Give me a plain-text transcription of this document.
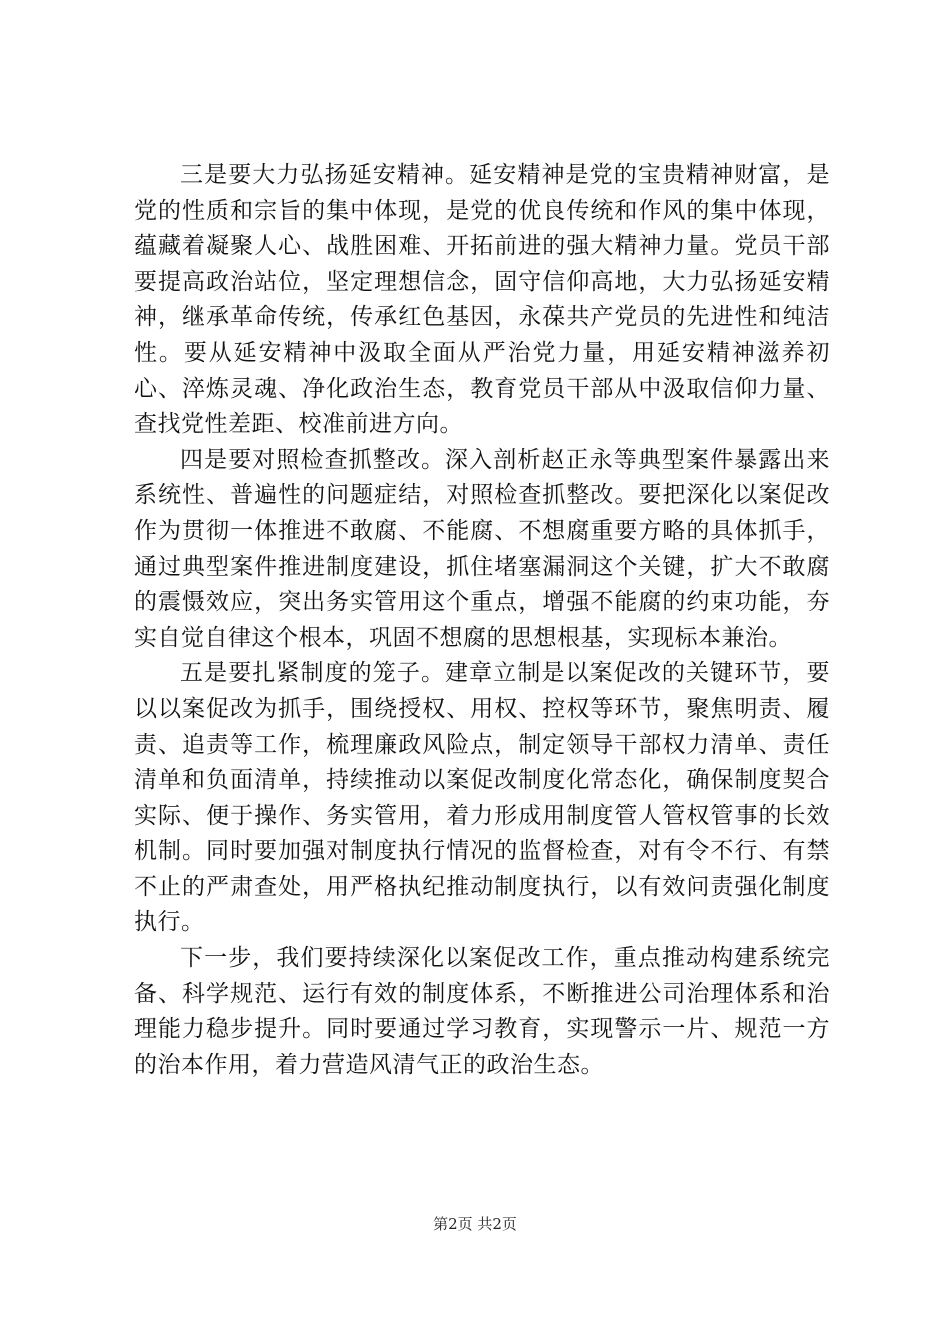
三是要大力弘扬延安精神。延安精神是党的宝贵精神财富，是党的性质和宗旨的集中体现，是党的优良传统和作风的集中体现，蕴藏着凝聚人心、战胜困难、开拓前进的强大精神力量。党员干部要提高政治站位，坚定理想信念，固守信仰高地，大力弘扬延安精神，继承革命传统，传承红色基因，永葆共产党员的先进性和纯洁性。要从延安精神中汲取全面从严治党力量，用延安精神滋养初心、淬炼灵魂、净化政治生态，教育党员干部从中汲取信仰力量、查找党性差距、校准前进方向。

四是要对照检查抓整改。深入剖析赵正永等典型案件暴露出来系统性、普遍性的问题症结，对照检查抓整改。要把深化以案促改作为贯彻一体推进不敢腐、不能腐、不想腐重要方略的具体抓手，通过典型案件推进制度建设，抓住堵塞漏洞这个关键，扩大不敢腐的震慑效应，突出务实管用这个重点，增强不能腐的约束功能，夯实自觉自律这个根本，巩固不想腐的思想根基，实现标本兼治。

五是要扎紧制度的笼子。建章立制是以案促改的关键环节，要以以案促改为抓手，围绕授权、用权、控权等环节，聚焦明责、履责、追责等工作，梳理廉政风险点，制定领导干部权力清单、责任清单和负面清单，持续推动以案促改制度化常态化，确保制度契合实际、便于操作、务实管用，着力形成用制度管人管权管事的长效机制。同时要加强对制度执行情况的监督检查，对有令不行、有禁不止的严肃查处，用严格执纪推动制度执行，以有效问责强化制度执行。

下一步，我们要持续深化以案促改工作，重点推动构建系统完备、科学规范、运行有效的制度体系，不断推进公司治理体系和治理能力稳步提升。同时要通过学习教育，实现警示一片、规范一方的治本作用，着力营造风清气正的政治生态。

第2页 共2页
